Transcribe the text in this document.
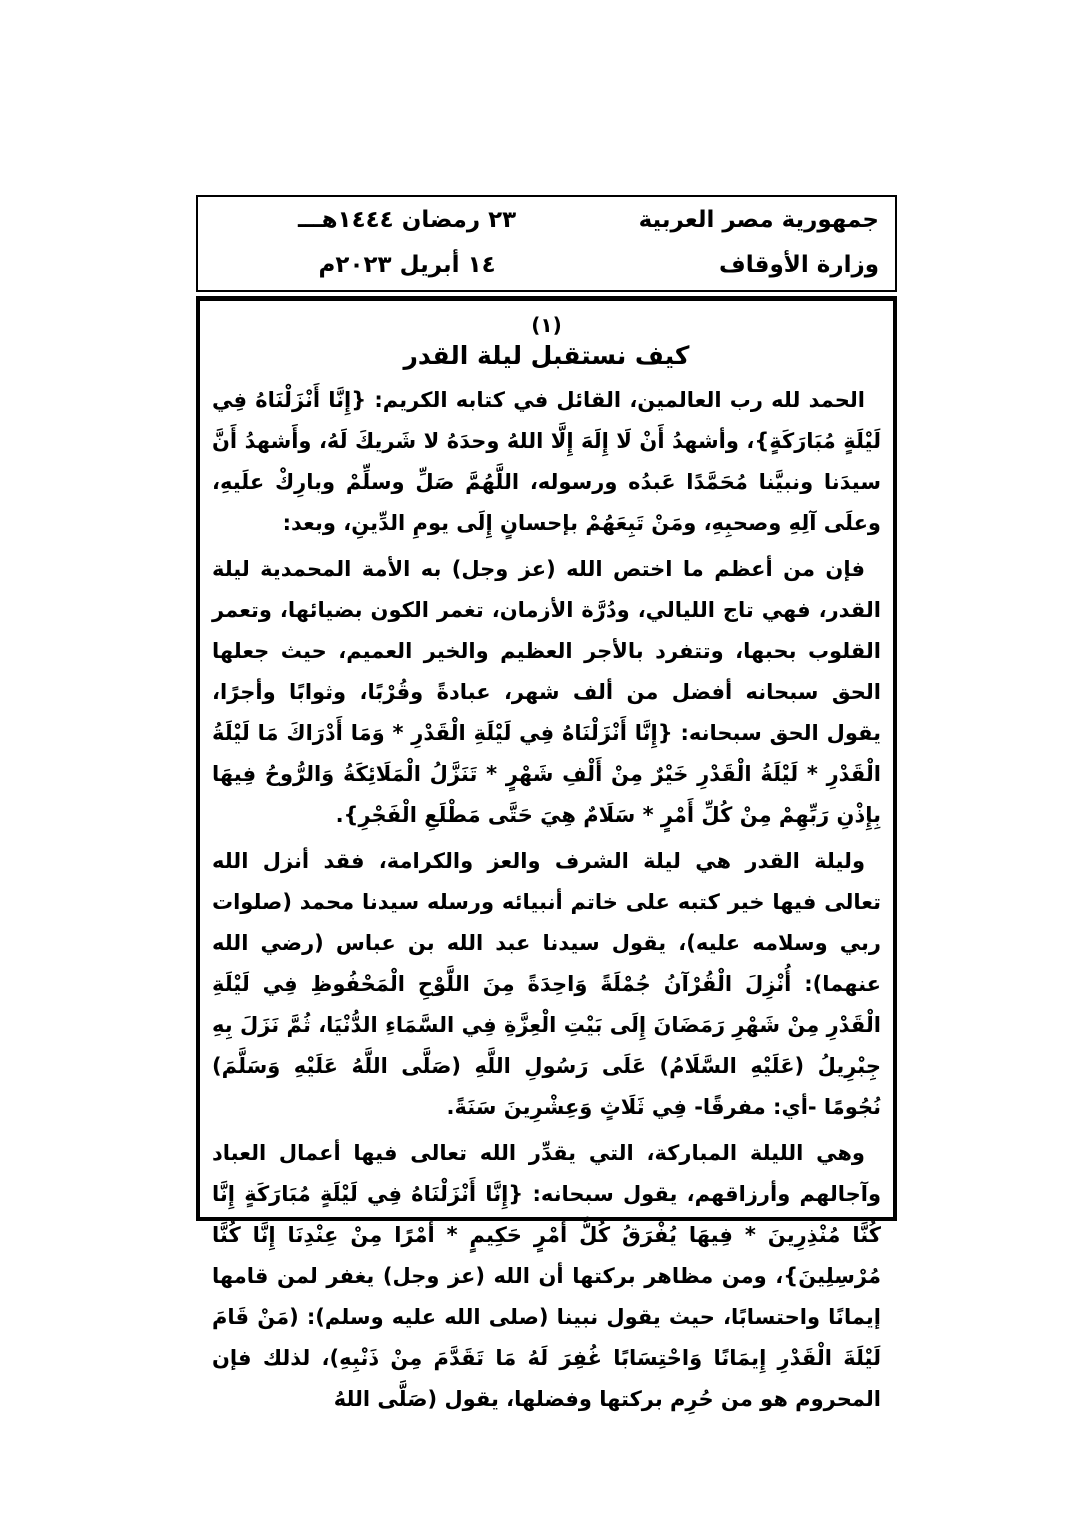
جمهورية مصر العربية
وزارة الأوقاف
٢٣ رمضان ١٤٤٤هـــ
١٤ أبريل ٢٠٢٣م
(١)
كيف نستقبل ليلة القدر

الحمد لله رب العالمين، القائل في كتابه الكريم: {إِنَّا أَنْزَلْنَاهُ فِي لَيْلَةٍ مُبَارَكَةٍ}، وأشهدُ أَنْ لَا إِلَهَ إِلَّا اللهُ وحدَهُ لا شَريكَ لَهُ، وأَشهدُ أَنَّ سيدَنا ونبيَّنا مُحَمَّدًا عَبدُه ورسوله، اللَّهُمَّ صَلِّ وسلِّمْ وبارِكْ علَيهِ، وعلَى آلِهِ وصحبِهِ، ومَنْ تَبِعَهُمْ بإحسانٍ إِلَى يومِ الدِّينِ، وبعد:

فإن من أعظم ما اختص الله (عز وجل) به الأمة المحمدية ليلة القدر، فهي تاج الليالي، ودُرَّة الأزمان، تغمر الكون بضيائها، وتعمر القلوب بحبها، وتتفرد بالأجر العظيم والخير العميم، حيث جعلها الحق سبحانه أفضل من ألف شهر، عبادةً وقُرْبًا، وثوابًا وأجرًا، يقول الحق سبحانه: {إِنَّا أَنْزَلْنَاهُ فِي لَيْلَةِ الْقَدْرِ * وَمَا أَدْرَاكَ مَا لَيْلَةُ الْقَدْرِ * لَيْلَةُ الْقَدْرِ خَيْرٌ مِنْ أَلْفِ شَهْرٍ * تَنَزَّلُ الْمَلَائِكَةُ وَالرُّوحُ فِيهَا بِإِذْنِ رَبِّهِمْ مِنْ كُلِّ أَمْرٍ * سَلَامٌ هِيَ حَتَّى مَطْلَعِ الْفَجْرِ}.

وليلة القدر هي ليلة الشرف والعز والكرامة، فقد أنزل الله تعالى فيها خير كتبه على خاتم أنبيائه ورسله سيدنا محمد (صلوات ربي وسلامه عليه)، يقول سيدنا عبد الله بن عباس (رضي الله عنهما): أُنْزِلَ الْقُرْآنُ جُمْلَةً وَاحِدَةً مِنَ اللَّوْحِ الْمَحْفُوظِ فِي لَيْلَةِ الْقَدْرِ مِنْ شَهْرِ رَمَضَانَ إِلَى بَيْتِ الْعِزَّةِ فِي السَّمَاءِ الدُّنْيَا، ثُمَّ نَزَلَ بِهِ جِبْرِيلُ (عَلَيْهِ السَّلَامُ) عَلَى رَسُولِ اللَّهِ (صَلَّى اللَّهُ عَلَيْهِ وَسَلَّمَ) نُجُومًا -أي: مفرقًا- فِي ثَلَاثٍ وَعِشْرِينَ سَنَةً.

وهي الليلة المباركة، التي يقدِّر الله تعالى فيها أعمال العباد وآجالهم وأرزاقهم، يقول سبحانه: {إِنَّا أَنْزَلْنَاهُ فِي لَيْلَةٍ مُبَارَكَةٍ إِنَّا كُنَّا مُنْذِرِينَ * فِيهَا يُفْرَقُ كُلُّ أَمْرٍ حَكِيمٍ * أَمْرًا مِنْ عِنْدِنَا إِنَّا كُنَّا مُرْسِلِينَ}، ومن مظاهر بركتها أن الله (عز وجل) يغفر لمن قامها إيمانًا واحتسابًا، حيث يقول نبينا (صلى الله عليه وسلم): (مَنْ قَامَ لَيْلَةَ الْقَدْرِ إِيمَانًا وَاحْتِسَابًا غُفِرَ لَهُ مَا تَقَدَّمَ مِنْ ذَنْبِهِ)، لذلك فإن المحروم هو من حُرِم بركتها وفضلها، يقول (صَلَّى اللهُ
